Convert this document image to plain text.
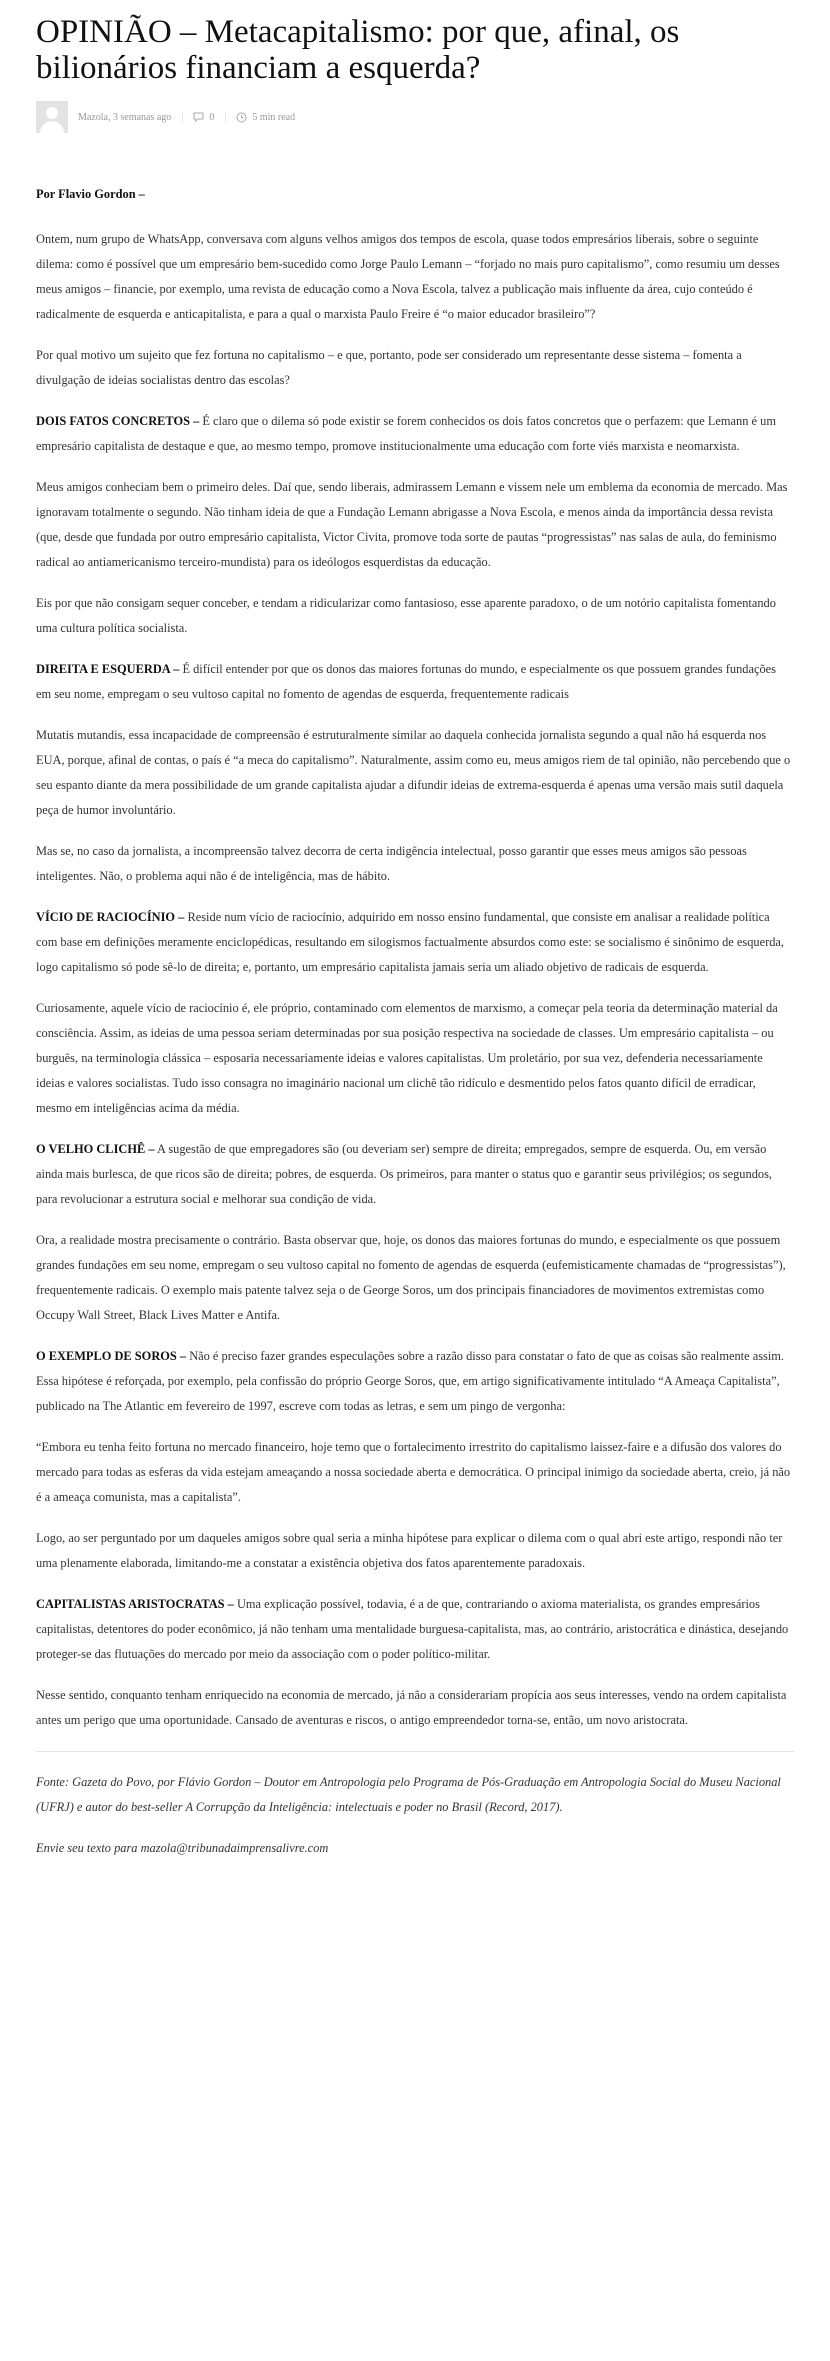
OPINIÃO – Metacapitalismo: por que, afinal, os bilionários financiam a esquerda?
Mazola, 3 semanas ago |	0 |	5 min read

Por Flavio Gordon –

Ontem, num grupo de WhatsApp, conversava com alguns velhos amigos dos tempos de escola, quase todos empresários liberais, sobre o seguinte dilema: como é possível que um empresário bem-sucedido como Jorge Paulo Lemann – “forjado no mais puro capitalismo”, como resumiu um desses meus amigos – financie, por exemplo, uma revista de educação como a Nova Escola, talvez a publicação mais influente da área, cujo conteúdo é radicalmente de esquerda e anticapitalista, e para a qual o marxista Paulo Freire é “o maior educador brasileiro”?

Por qual motivo um sujeito que fez fortuna no capitalismo – e que, portanto, pode ser considerado um representante desse sistema – fomenta a divulgação de ideias socialistas dentro das escolas?

DOIS FATOS CONCRETOS – É claro que o dilema só pode existir se forem conhecidos os dois fatos concretos que o perfazem: que Lemann é um empresário capitalista de destaque e que, ao mesmo tempo, promove institucionalmente uma educação com forte viés marxista e neomarxista.

Meus amigos conheciam bem o primeiro deles. Daí que, sendo liberais, admirassem Lemann e vissem nele um emblema da economia de mercado. Mas ignoravam totalmente o segundo. Não tinham ideia de que a Fundação Lemann abrigasse a Nova Escola, e menos ainda da importância dessa revista (que, desde que fundada por outro empresário capitalista, Victor Civita, promove toda sorte de pautas “progressistas” nas salas de aula, do feminismo radical ao antiamericanismo terceiro-mundista) para os ideólogos esquerdistas da educação.

Eis por que não consigam sequer conceber, e tendam a ridicularizar como fantasioso, esse aparente paradoxo, o de um notório capitalista fomentando uma cultura política socialista.

DIREITA E ESQUERDA – É difícil entender por que os donos das maiores fortunas do mundo, e especialmente os que possuem grandes fundações em seu nome, empregam o seu vultoso capital no fomento de agendas de esquerda, frequentemente radicais

Mutatis mutandis, essa incapacidade de compreensão é estruturalmente similar ao daquela conhecida jornalista segundo a qual não há esquerda nos EUA, porque, afinal de contas, o país é “a meca do capitalismo”. Naturalmente, assim como eu, meus amigos riem de tal opinião, não percebendo que o seu espanto diante da mera possibilidade de um grande capitalista ajudar a difundir ideias de extrema-esquerda é apenas uma versão mais sutil daquela peça de humor involuntário.

Mas se, no caso da jornalista, a incompreensão talvez decorra de certa indigência intelectual, posso garantir que esses meus amigos são pessoas inteligentes. Não, o problema aqui não é de inteligência, mas de hábito.

VÍCIO DE RACIOCÍNIO – Reside num vício de raciocínio, adquirido em nosso ensino fundamental, que consiste em analisar a realidade política com base em definições meramente enciclopédicas, resultando em silogismos factualmente absurdos como este: se socialismo é sinônimo de esquerda, logo capitalismo só pode sê-lo de direita; e, portanto, um empresário capitalista jamais seria um aliado objetivo de radicais de esquerda.

Curiosamente, aquele vício de raciocínio é, ele próprio, contaminado com elementos de marxismo, a começar pela teoria da determinação material da consciência. Assim, as ideias de uma pessoa seriam determinadas por sua posição respectiva na sociedade de classes. Um empresário capitalista – ou burguês, na terminologia clássica – esposaria necessariamente ideias e valores capitalistas. Um proletário, por sua vez, defenderia necessariamente ideias e valores socialistas. Tudo isso consagra no imaginário nacional um clichê tão ridículo e desmentido pelos fatos quanto difícil de erradicar, mesmo em inteligências acima da média.

O VELHO CLICHÊ – A sugestão de que empregadores são (ou deveriam ser) sempre de direita; empregados, sempre de esquerda. Ou, em versão ainda mais burlesca, de que ricos são de direita; pobres, de esquerda. Os primeiros, para manter o status quo e garantir seus privilégios; os segundos, para revolucionar a estrutura social e melhorar sua condição de vida.

Ora, a realidade mostra precisamente o contrário. Basta observar que, hoje, os donos das maiores fortunas do mundo, e especialmente os que possuem grandes fundações em seu nome, empregam o seu vultoso capital no fomento de agendas de esquerda (eufemisticamente chamadas de “progressistas”), frequentemente radicais. O exemplo mais patente talvez seja o de George Soros, um dos principais financiadores de movimentos extremistas como Occupy Wall Street, Black Lives Matter e Antifa.

O EXEMPLO DE SOROS – Não é preciso fazer grandes especulações sobre a razão disso para constatar o fato de que as coisas são realmente assim. Essa hipótese é reforçada, por exemplo, pela confissão do próprio George Soros, que, em artigo significativamente intitulado “A Ameaça Capitalista”, publicado na The Atlantic em fevereiro de 1997, escreve com todas as letras, e sem um pingo de vergonha:

“Embora eu tenha feito fortuna no mercado financeiro, hoje temo que o fortalecimento irrestrito do capitalismo laissez-faire e a difusão dos valores do mercado para todas as esferas da vida estejam ameaçando a nossa sociedade aberta e democrática. O principal inimigo da sociedade aberta, creio, já não é a ameaça comunista, mas a capitalista”.

Logo, ao ser perguntado por um daqueles amigos sobre qual seria a minha hipótese para explicar o dilema com o qual abri este artigo, respondi não ter uma plenamente elaborada, limitando-me a constatar a existência objetiva dos fatos aparentemente paradoxais.

CAPITALISTAS ARISTOCRATAS – Uma explicação possível, todavia, é a de que, contrariando o axioma materialista, os grandes empresários capitalistas, detentores do poder econômico, já não tenham uma mentalidade burguesa-capitalista, mas, ao contrário, aristocrática e dinástica, desejando proteger-se das flutuações do mercado por meio da associação com o poder político-militar.

Nesse sentido, conquanto tenham enriquecido na economia de mercado, já não a considerariam propícia aos seus interesses, vendo na ordem capitalista antes um perigo que uma oportunidade. Cansado de aventuras e riscos, o antigo empreendedor torna-se, então, um novo aristocrata.

Fonte: Gazeta do Povo, por Flávio Gordon – Doutor em Antropologia pelo Programa de Pós-Graduação em Antropologia Social do Museu Nacional (UFRJ) e autor do best-seller A Corrupção da Inteligência: intelectuais e poder no Brasil (Record, 2017).

Envie seu texto para mazola@tribunadaimprensalivre.com
